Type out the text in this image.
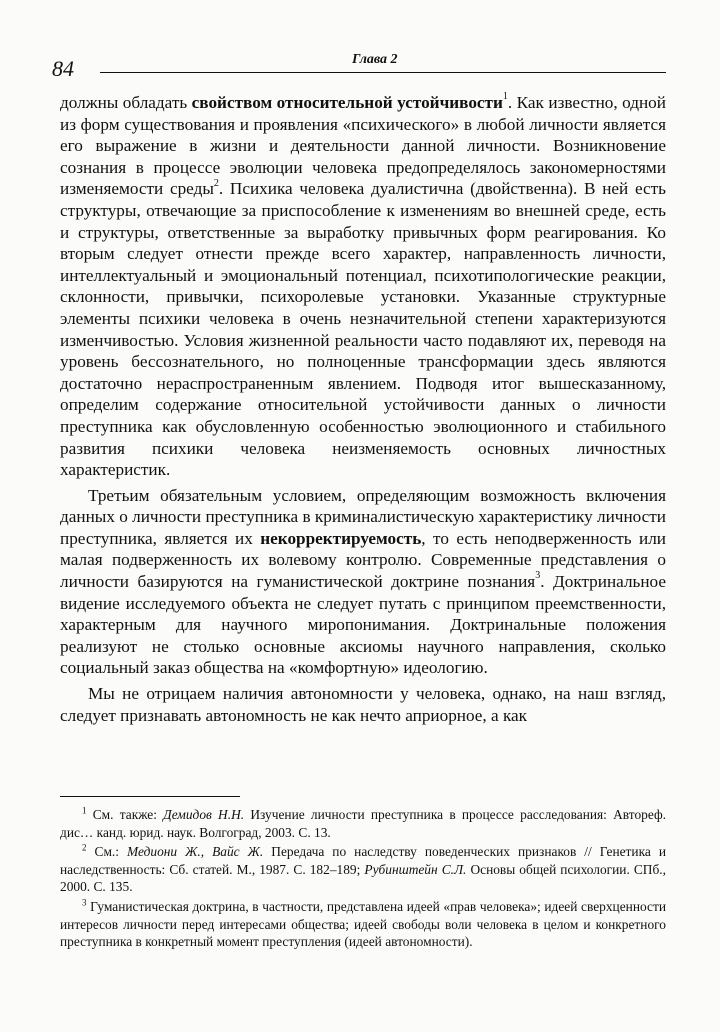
84	Глава 2

должны обладать свойством относительной устойчивости$^1$. Как известно, одной из форм существования и проявления «психического» в любой личности является его выражение в жизни и деятельности данной личности. Возникновение сознания в процессе эволюции человека предопределялось закономерностями изменяемости среды$^2$. Психика человека дуалистична (двойственна). В ней есть структуры, отвечающие за приспособление к изменениям во внешней среде, есть и структуры, ответственные за выработку привычных форм реагирования. Ко вторым следует отнести прежде всего характер, направленность личности, интеллектуальный и эмоциональный потенциал, психотипологические реакции, склонности, привычки, психоролевые установки. Указанные структурные элементы психики человека в очень незначительной степени характеризуются изменчивостью. Условия жизненной реальности часто подавляют их, переводя на уровень бессознательного, но полноценные трансформации здесь являются достаточно нераспространенным явлением. Подводя итог вышесказанному, определим содержание относительной устойчивости данных о личности преступника как обусловленную особенностью эволюционного и стабильного развития психики человека неизменяемость основных личностных характеристик.

Третьим обязательным условием, определяющим возможность включения данных о личности преступника в криминалистическую характеристику личности преступника, является их некорректируемость, то есть неподверженность или малая подверженность их волевому контролю. Современные представления о личности базируются на гуманистической доктрине познания$^3$. Доктринальное видение исследуемого объекта не следует путать с принципом преемственности, характерным для научного миропонимания. Доктринальные положения реализуют не столько основные аксиомы научного направления, сколько социальный заказ общества на «комфортную» идеологию.

Мы не отрицаем наличия автономности у человека, однако, на наш взгляд, следует признавать автономность не как нечто априорное, а как

$^1$ См. также: Демидов Н.Н. Изучение личности преступника в процессе расследования: Автореф. дис… канд. юрид. наук. Волгоград, 2003. С. 13.

$^2$ См.: Медиони Ж., Вайс Ж. Передача по наследству поведенческих признаков // Генетика и наследственность: Сб. статей. М., 1987. С. 182–189; Рубинштейн С.Л. Основы общей психологии. СПб., 2000. С. 135.

$^3$ Гуманистическая доктрина, в частности, представлена идеей «прав человека»; идеей сверхценности интересов личности перед интересами общества; идеей свободы воли человека в целом и конкретного преступника в конкретный момент преступления (идеей автономности).
